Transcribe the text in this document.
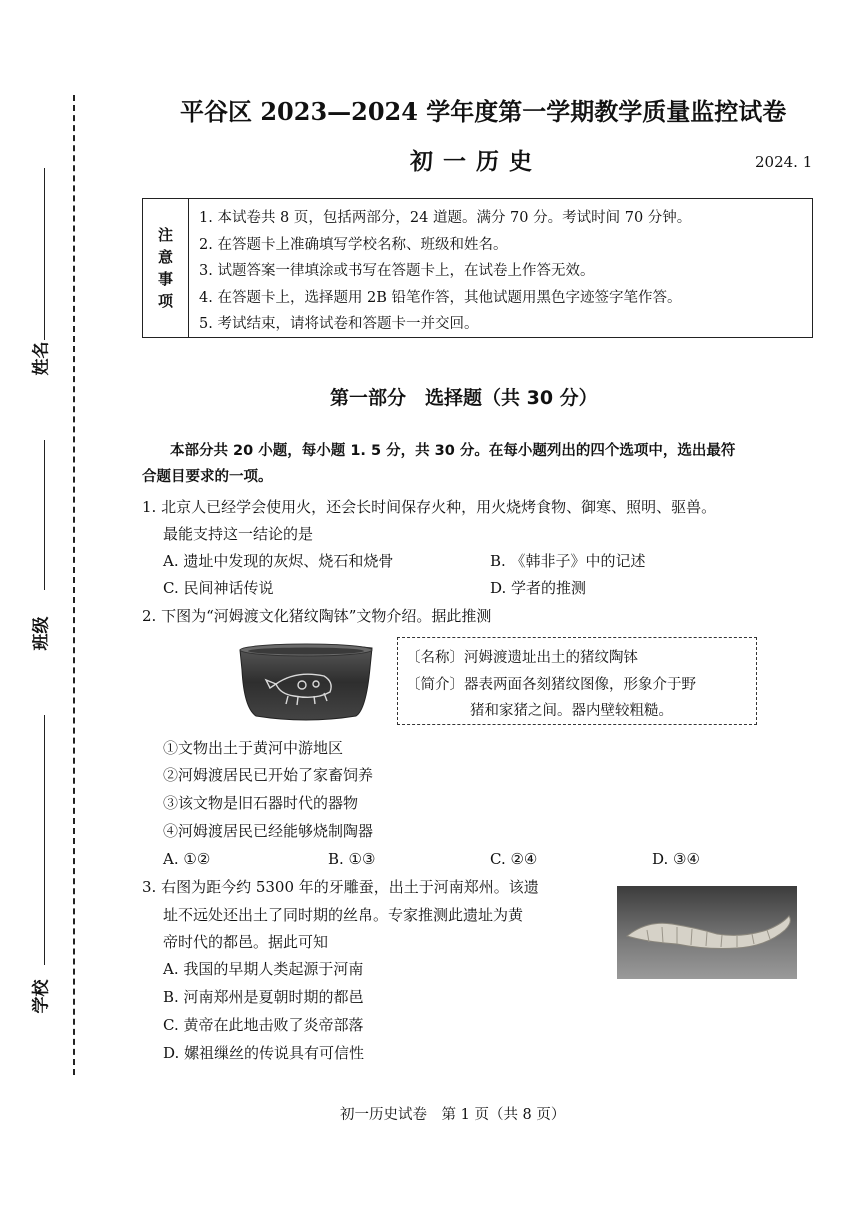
姓名
班级
学校
平谷区 2023—2024 学年度第一学期教学质量监控试卷
初一历史	2024. 1
注
意
事
项
1. 本试卷共 8 页，包括两部分，24 道题。满分 70 分。考试时间 70 分钟。
2. 在答题卡上准确填写学校名称、班级和姓名。
3. 试题答案一律填涂或书写在答题卡上，在试卷上作答无效。
4. 在答题卡上，选择题用 2B 铅笔作答，其他试题用黑色字迹签字笔作答。
5. 考试结束，请将试卷和答题卡一并交回。
第一部分　选择题（共 30 分）
本部分共 20 小题，每小题 1. 5 分，共 30 分。在每小题列出的四个选项中，选出最符
合题目要求的一项。
1. 北京人已经学会使用火，还会长时间保存火种，用火烧烤食物、御寒、照明、驱兽。
最能支持这一结论的是
A. 遗址中发现的灰烬、烧石和烧骨	B. 《韩非子》中的记述
C. 民间神话传说	D. 学者的推测
2. 下图为“河姆渡文化猪纹陶钵”文物介绍。据此推测
〔名称〕河姆渡遗址出土的猪纹陶钵
〔简介〕器表两面各刻猪纹图像，形象介于野
猪和家猪之间。器内壁较粗糙。
①文物出土于黄河中游地区
②河姆渡居民已开始了家畜饲养
③该文物是旧石器时代的器物
④河姆渡居民已经能够烧制陶器
A. ①②	B. ①③	C. ②④	D. ③④
3. 右图为距今约 5300 年的牙雕蚕，出土于河南郑州。该遗
址不远处还出土了同时期的丝帛。专家推测此遗址为黄
帝时代的都邑。据此可知
A. 我国的早期人类起源于河南
B. 河南郑州是夏朝时期的都邑
C. 黄帝在此地击败了炎帝部落
D. 嫘祖缫丝的传说具有可信性
初一历史试卷　第 1 页（共 8 页）
